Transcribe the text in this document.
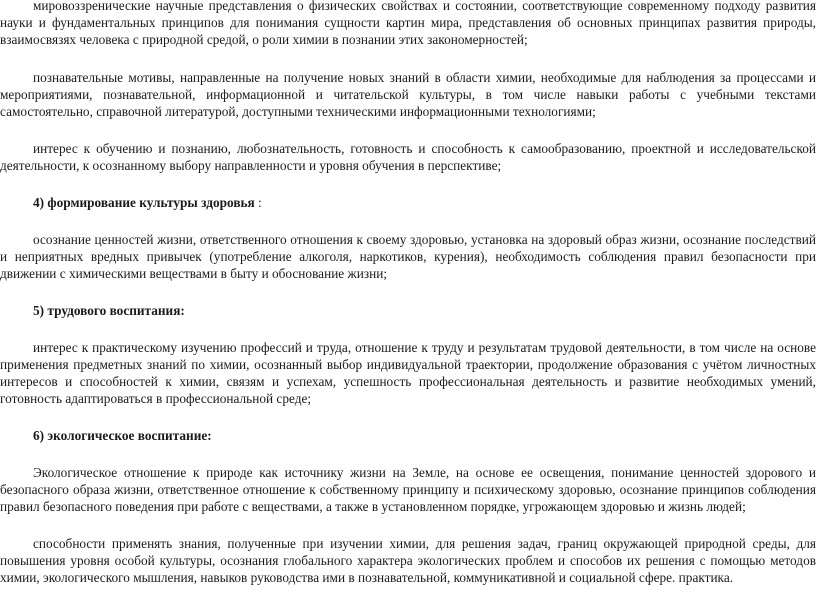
мировоззренические научные представления о физических свойствах и состоянии, соответствующие современному подходу развития науки и фундаментальных принципов для понимания сущности картин мира, представления об основных принципах развития природы, взаимосвязях человека с природной средой, о роли химии в познании этих закономерностей;

познавательные мотивы, направленные на получение новых знаний в области химии, необходимые для наблюдения за процессами и мероприятиями, познавательной, информационной и читательской культуры, в том числе навыки работы с учебными текстами самостоятельно, справочной литературой, доступными техническими информационными технологиями;

интерес к обучению и познанию, любознательность, готовность и способность к самообразованию, проектной и исследовательской деятельности, к осознанному выбору направленности и уровня обучения в перспективе;

4) формирование культуры здоровья :

осознание ценностей жизни, ответственного отношения к своему здоровью, установка на здоровый образ жизни, осознание последствий и неприятных вредных привычек (употребление алкоголя, наркотиков, курения), необходимость соблюдения правил безопасности при движении с химическими веществами в быту и обоснование жизни;

5) трудового воспитания:

интерес к практическому изучению профессий и труда, отношение к труду и результатам трудовой деятельности, в том числе на основе применения предметных знаний по химии, осознанный выбор индивидуальной траектории, продолжение образования с учётом личностных интересов и способностей к химии, связям и успехам, успешность профессиональная деятельность и развитие необходимых умений, готовность адаптироваться в профессиональной среде;

6) экологическое воспитание:

Экологическое отношение к природе как источнику жизни на Земле, на основе ее освещения, понимание ценностей здорового и безопасного образа жизни, ответственное отношение к собственному принципу и психическому здоровью, осознание принципов соблюдения правил безопасного поведения при работе с веществами, а также в установленном порядке, угрожающем здоровью и жизнь людей;

способности применять знания, полученные при изучении химии, для решения задач, границ окружающей природной среды, для повышения уровня особой культуры, осознания глобального характера экологических проблем и способов их решения с помощью методов химии, экологического мышления, навыков руководства ими в познавательной, коммуникативной и социальной сфере. практика.
